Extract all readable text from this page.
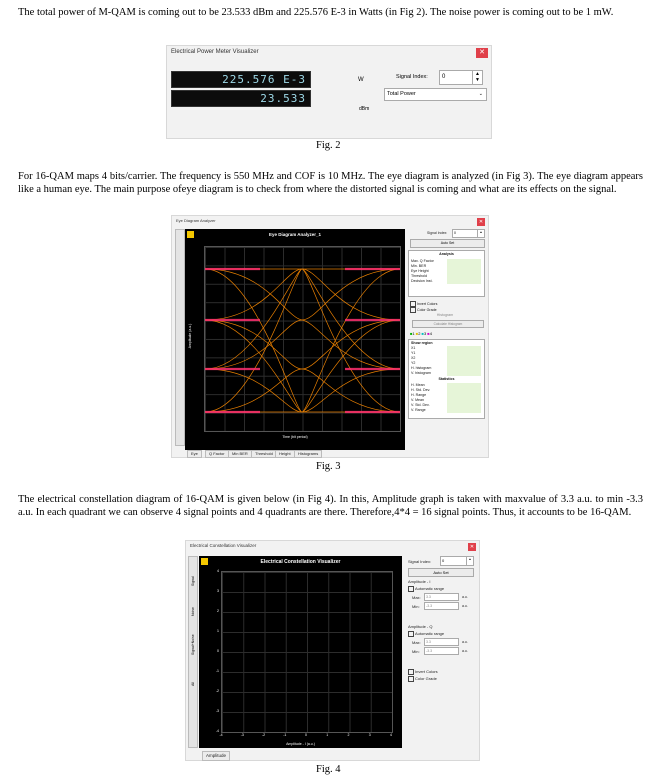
The total power of M-QAM is coming out to be 23.533 dBm and 225.576 E-3 in Watts (in Fig 2). The noise power is coming out to be 1 mW.
Electrical Power Meter Visualizer	✕
225.576 E-3
23.533
W
dBm
Signal Index:	0	▲
▼
Total Power	⌄
Fig. 2
For 16-QAM maps 4 bits/carrier. The frequency is 550 MHz and COF is 10 MHz. The eye diagram is analyzed (in Fig 3). The eye diagram appears like a human eye. The main purpose ofeye diagram is to check from where the distorted signal is coming and what are its effects on the signal.
Eye Diagram Analyzer	✕
Eye Diagram Analyzer_1
Time (bit period)
Amplitude (a.u.)
Eye	Q Factor	Min BER	Threshold	Height	Histograms
Signal Index:	0	▲
Auto Set
Analysis
Max. Q Factor
Min. BER
Eye Height
Threshold
Decision Inst.
Invert Colors
Color Grade
Histogram
Calculate Histogram
■1 ■2 ■3 ■4
Show region
X1
Y1
X2
Y2
H. histogram
V. histogram
Statistics
H. Mean
H. Std. Dev.
H. Range
V. Mean
V. Std. Dev.
V. Range
Fig. 3
The electrical constellation diagram of 16-QAM is given below (in Fig 4). In this, Amplitude graph is taken with maxvalue of 3.3 a.u. to min -3.3 a.u. In each quadrant we can observe 4 signal points and 4 quadrants are there. Therefore,4*4 = 16 signal points. Thus, it accounts to be 16-QAM.
Electrical Constellation Visualizer	✕
Signal
Noise
Signal+Noise
All
Electrical Constellation Visualizer
-4	-3	-2	-1	0	1	2	3	4
4
3
2
1
0
-1
-2
-3
-4
Amplitude - I (a.u.)
Amplitude
Signal Index:	0	▲
Auto Set
Amplitude - I
Automatic range
Max:	3.3	a.u.
Min:	-3.3	a.u.
Amplitude - Q
Automatic range
Max:	3.3	a.u.
Min:	-3.3	a.u.
Invert Colors
Color Grade
Fig. 4
